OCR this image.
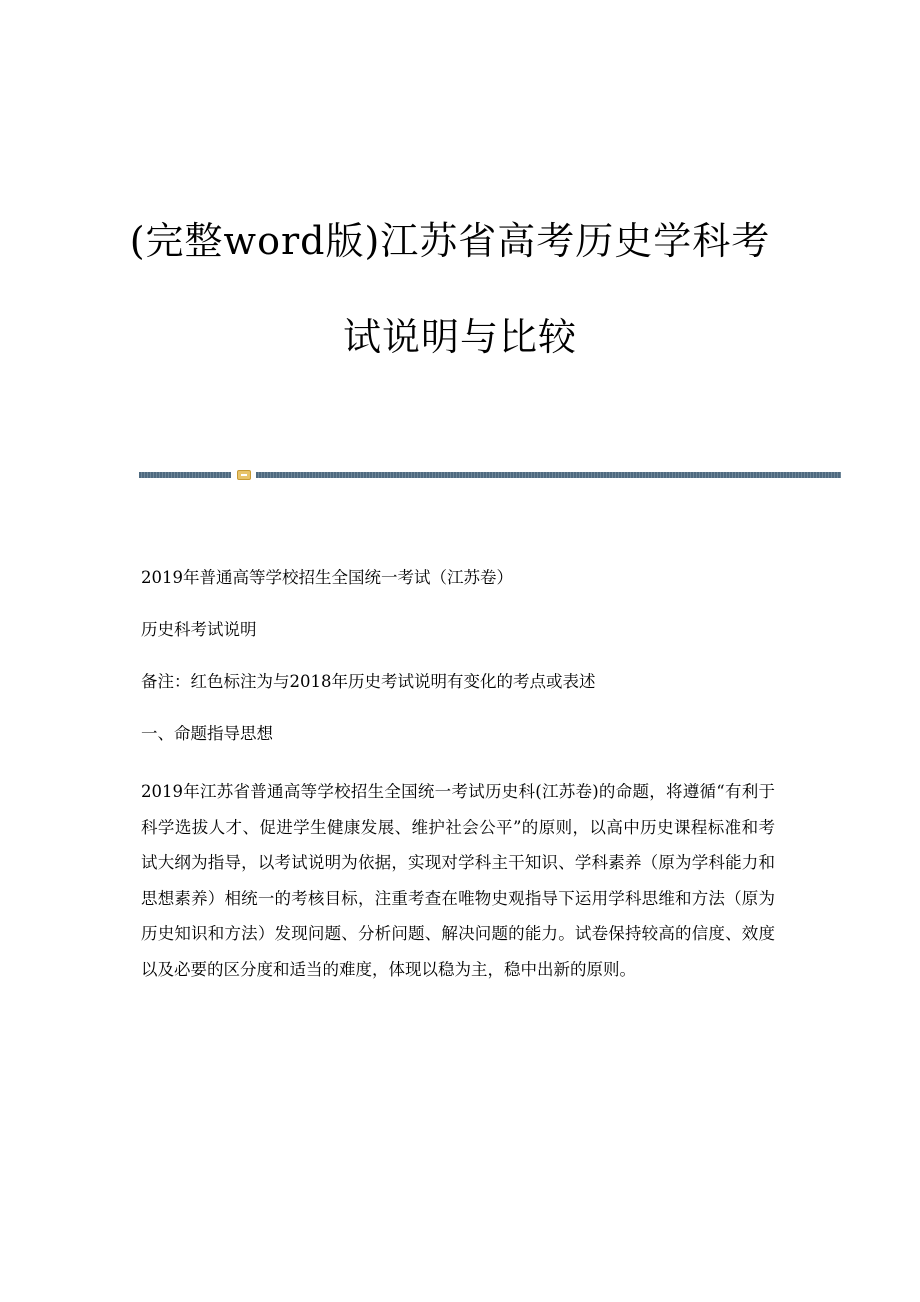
(完整word版)江苏省高考历史学科考
试说明与比较

2019年普通高等学校招生全国统一考试（江苏卷）

历史科考试说明

备注：红色标注为与2018年历史考试说明有变化的考点或表述

一、命题指导思想

2019年江苏省普通高等学校招生全国统一考试历史科(江苏卷)的命题，将遵循“有利于科学选拔人才、促进学生健康发展、维护社会公平”的原则，以高中历史课程标准和考试大纲为指导，以考试说明为依据，实现对学科主干知识、学科素养（原为学科能力和思想素养）相统一的考核目标，注重考查在唯物史观指导下运用学科思维和方法（原为历史知识和方法）发现问题、分析问题、解决问题的能力。试卷保持较高的信度、效度以及必要的区分度和适当的难度，体现以稳为主，稳中出新的原则。
